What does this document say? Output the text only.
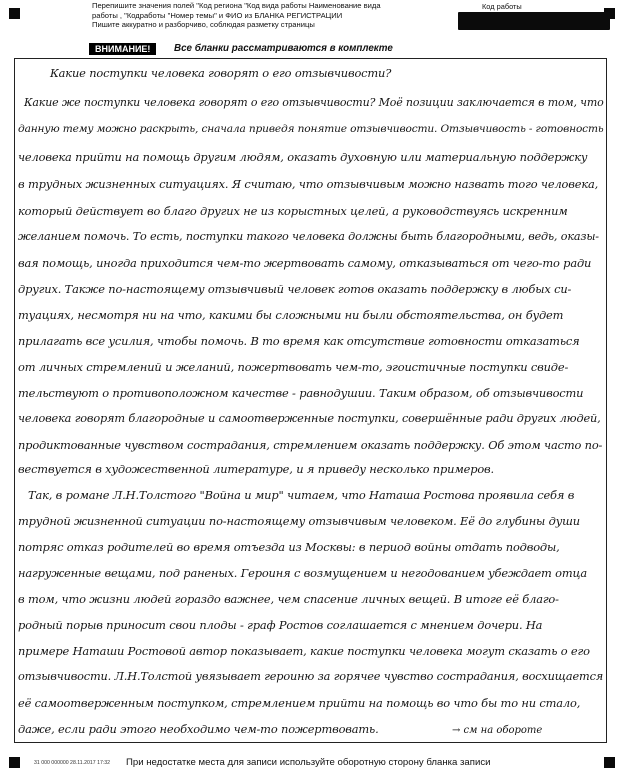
Перепишите значения полей "Код региона "Код вида работы Наименование вида
работы , "Кодработы "Номер темы" и ФИО из БЛАНКА РЕГИСТРАЦИИ
Пишите аккуратно и разборчиво, соблюдая разметку страницы
Код работы
ВНИМАНИЕ!	Все бланки рассматриваются в комплекте
Какие поступки человека говорят о его отзывчивости?
Какие же поступки человека говорят о его отзывчивости? Моё позиции заключается в том, что
данную тему можно раскрыть, сначала приведя понятие отзывчивости. Отзывчивость - готовность
человека прийти на помощь другим людям, оказать духовную или материальную поддержку
в трудных жизненных ситуациях. Я считаю, что отзывчивым можно назвать того человека,
который действует во благо других не из корыстных целей, а руководствуясь искренним
желанием помочь. То есть, поступки такого человека должны быть благородными, ведь, оказы-
вая помощь, иногда приходится чем-то жертвовать самому, отказываться от чего-то ради
других. Также по-настоящему отзывчивый человек готов оказать поддержку в любых си-
туациях, несмотря ни на что, какими бы сложными ни были обстоятельства, он будет
прилагать все усилия, чтобы помочь. В то время как отсутствие готовности отказаться
от личных стремлений и желаний, пожертвовать чем-то, эгоистичные поступки свиде-
тельствуют о противоположном качестве - равнодушии. Таким образом, об отзывчивости
человека говорят благородные и самоотверженные поступки, совершённые ради других людей,
продиктованные чувством сострадания, стремлением оказать поддержку. Об этом часто по-
вествуется в художественной литературе, и я приведу несколько примеров.
Так, в романе Л.Н.Толстого "Война и мир" читаем, что Наташа Ростова проявила себя в
трудной жизненной ситуации по-настоящему отзывчивым человеком. Её до глубины души
потряс отказ родителей во время отъезда из Москвы: в период войны отдать подводы,
нагруженные вещами, под раненых. Героиня с возмущением и негодованием убеждает отца
в том, что жизни людей гораздо важнее, чем спасение личных вещей. В итоге её благо-
родный порыв приносит свои плоды - граф Ростов соглашается с мнением дочери. На
примере Наташи Ростовой автор показывает, какие поступки человека могут сказать о его
отзывчивости. Л.Н.Толстой увязывает героиню за горячее чувство сострадания, восхищается
её самоотверженным поступком, стремлением прийти на помощь во что бы то ни стало,
даже, если ради этого необходимо чем-то пожертвовать.	→ см на обороте
31 000 000000 28.11.2017 17:32 При недостатке места для записи используйте оборотную сторону бланка записи
